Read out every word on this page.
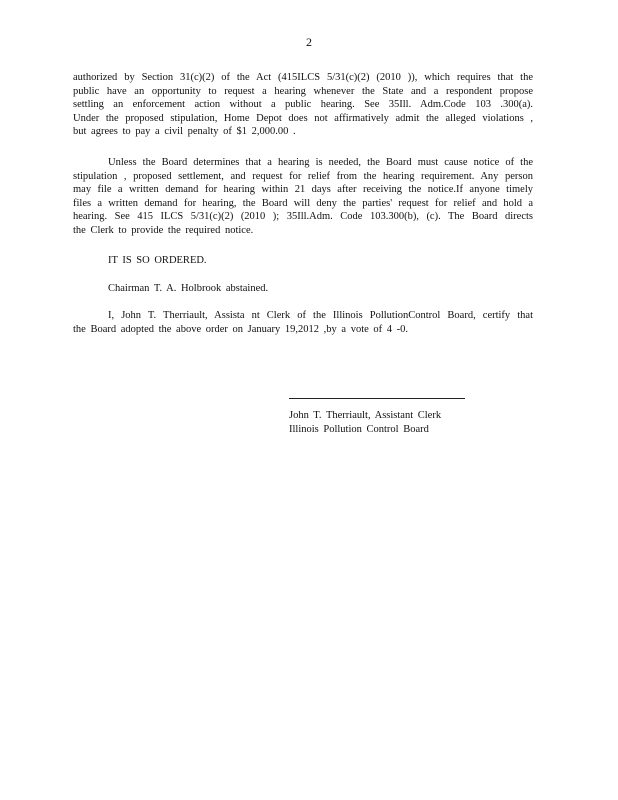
2
authorized by Section 31(c)(2) of the Act (415ILCS 5/31(c)(2) (2010 )), which requires that the
public have an opportunity to request a hearing whenever the State and a respondent propose
settling an enforcement action without a public hearing. See 35Ill. Adm.Code 103 .300(a).
Under the proposed stipulation, Home Depot does not affirmatively admit the alleged violations ,
but agrees to pay a civil penalty of $1 2,000.00 .
Unless the Board determines that a hearing is needed, the Board must cause notice of the
stipulation , proposed settlement, and request for relief from the hearing requirement. Any person
may file a written demand for hearing within 21 days after receiving the notice.If anyone timely
files a written demand for hearing, the Board will deny the parties' request for relief and hold a
hearing. See 415 ILCS 5/31(c)(2) (2010 ); 35Ill.Adm. Code 103.300(b), (c). The Board directs
the Clerk to provide the required notice.
IT IS SO ORDERED.
Chairman T. A. Holbrook abstained.
I, John T. Therriault, Assista nt Clerk of the Illinois PollutionControl Board, certify that
the Board adopted the above order on January 19,2012 ,by a vote of 4 -0.
John T. Therriault, Assistant Clerk
Illinois Pollution Control Board
